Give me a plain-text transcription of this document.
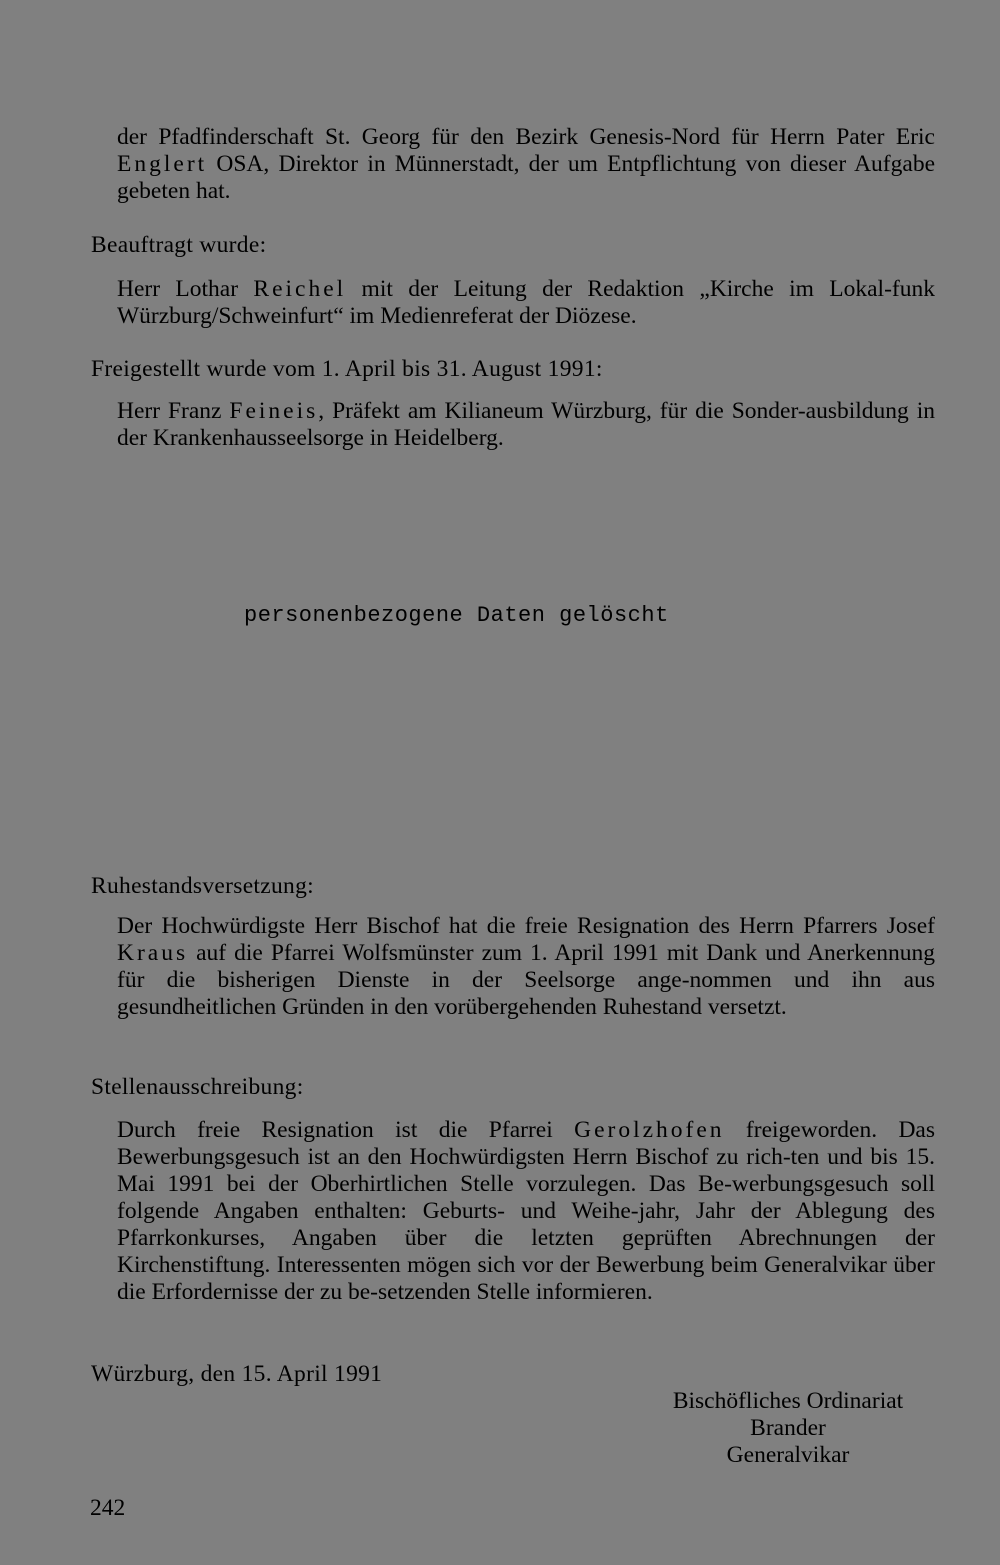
der Pfadfinderschaft St. Georg für den Bezirk Genesis-Nord für Herrn Pater Eric Englert OSA, Direktor in Münnerstadt, der um Entpflichtung von dieser Aufgabe gebeten hat.

Beauftragt wurde:

Herr Lothar Reichel mit der Leitung der Redaktion „Kirche im Lokal-funk Würzburg/Schweinfurt“ im Medienreferat der Diözese.

Freigestellt wurde vom 1. April bis 31. August 1991:

Herr Franz Feineis, Präfekt am Kilianeum Würzburg, für die Sonder-ausbildung in der Krankenhausseelsorge in Heidelberg.

personenbezogene Daten gelöscht

Ruhestandsversetzung:

Der Hochwürdigste Herr Bischof hat die freie Resignation des Herrn Pfarrers Josef Kraus auf die Pfarrei Wolfsmünster zum 1. April 1991 mit Dank und Anerkennung für die bisherigen Dienste in der Seelsorge ange-nommen und ihn aus gesundheitlichen Gründen in den vorübergehenden Ruhestand versetzt.

Stellenausschreibung:

Durch freie Resignation ist die Pfarrei Gerolzhofen freigeworden. Das Bewerbungsgesuch ist an den Hochwürdigsten Herrn Bischof zu rich-ten und bis 15. Mai 1991 bei der Oberhirtlichen Stelle vorzulegen. Das Be-werbungsgesuch soll folgende Angaben enthalten: Geburts- und Weihe-jahr, Jahr der Ablegung des Pfarrkonkurses, Angaben über die letzten geprüften Abrechnungen der Kirchenstiftung. Interessenten mögen sich vor der Bewerbung beim Generalvikar über die Erfordernisse der zu be-setzenden Stelle informieren.

Würzburg, den 15. April 1991

Bischöfliches Ordinariat
Brander
Generalvikar
242
